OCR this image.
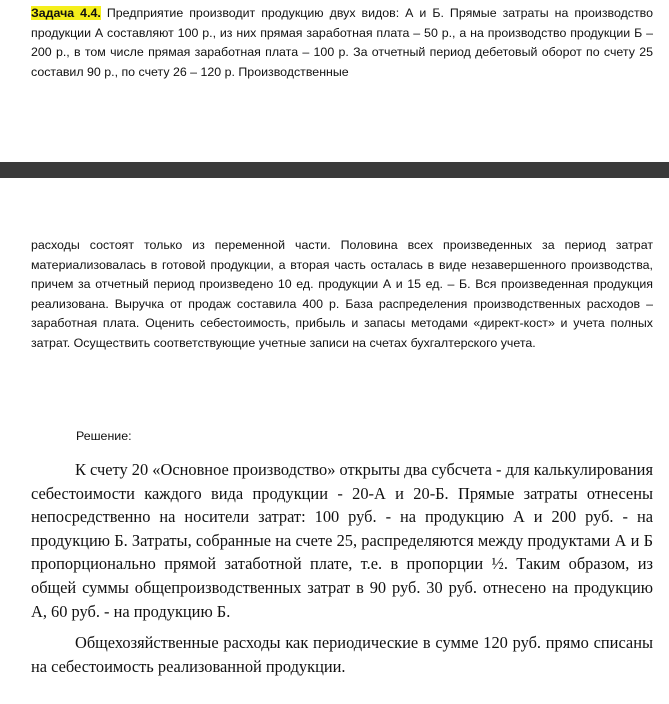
Задача 4.4. Предприятие производит продукцию двух видов: А и Б. Прямые затраты на производство продукции А составляют 100 р., из них прямая заработная плата – 50 р., а на производство продукции Б – 200 р., в том числе прямая заработная плата – 100 р. За отчетный период дебетовый оборот по счету 25 составил 90 р., по счету 26 – 120 р. Производственные

расходы состоят только из переменной части. Половина всех произведенных за период затрат материализовалась в готовой продукции, а вторая часть осталась в виде незавершенного производства, причем за отчетный период произведено 10 ед. продукции А и 15 ед. – Б. Вся произведенная продукция реализована. Выручка от продаж составила 400 р. База распределения производственных расходов – заработная плата. Оценить себестоимость, прибыль и запасы методами «директ-кост» и учета полных затрат. Осуществить соответствующие учетные записи на счетах бухгалтерского учета.

Решение:

К счету 20 «Основное производство» открыты два субсчета - для калькулирования себестоимости каждого вида продукции - 20-А и 20-Б. Прямые затраты отнесены непосредственно на носители затрат: 100 руб. - на продукцию А и 200 руб. - на продукцию Б. Затраты, собранные на счете 25, распределяются между продуктами А и Б пропорционально прямой затаботной плате, т.е. в пропорции ½. Таким образом, из общей суммы общепроизводственных затрат в 90 руб. 30 руб. отнесено на продукцию А, 60 руб. - на продукцию Б.

Общехозяйственные расходы как периодические в сумме 120 руб. прямо списаны на себестоимость реализованной продукции.
